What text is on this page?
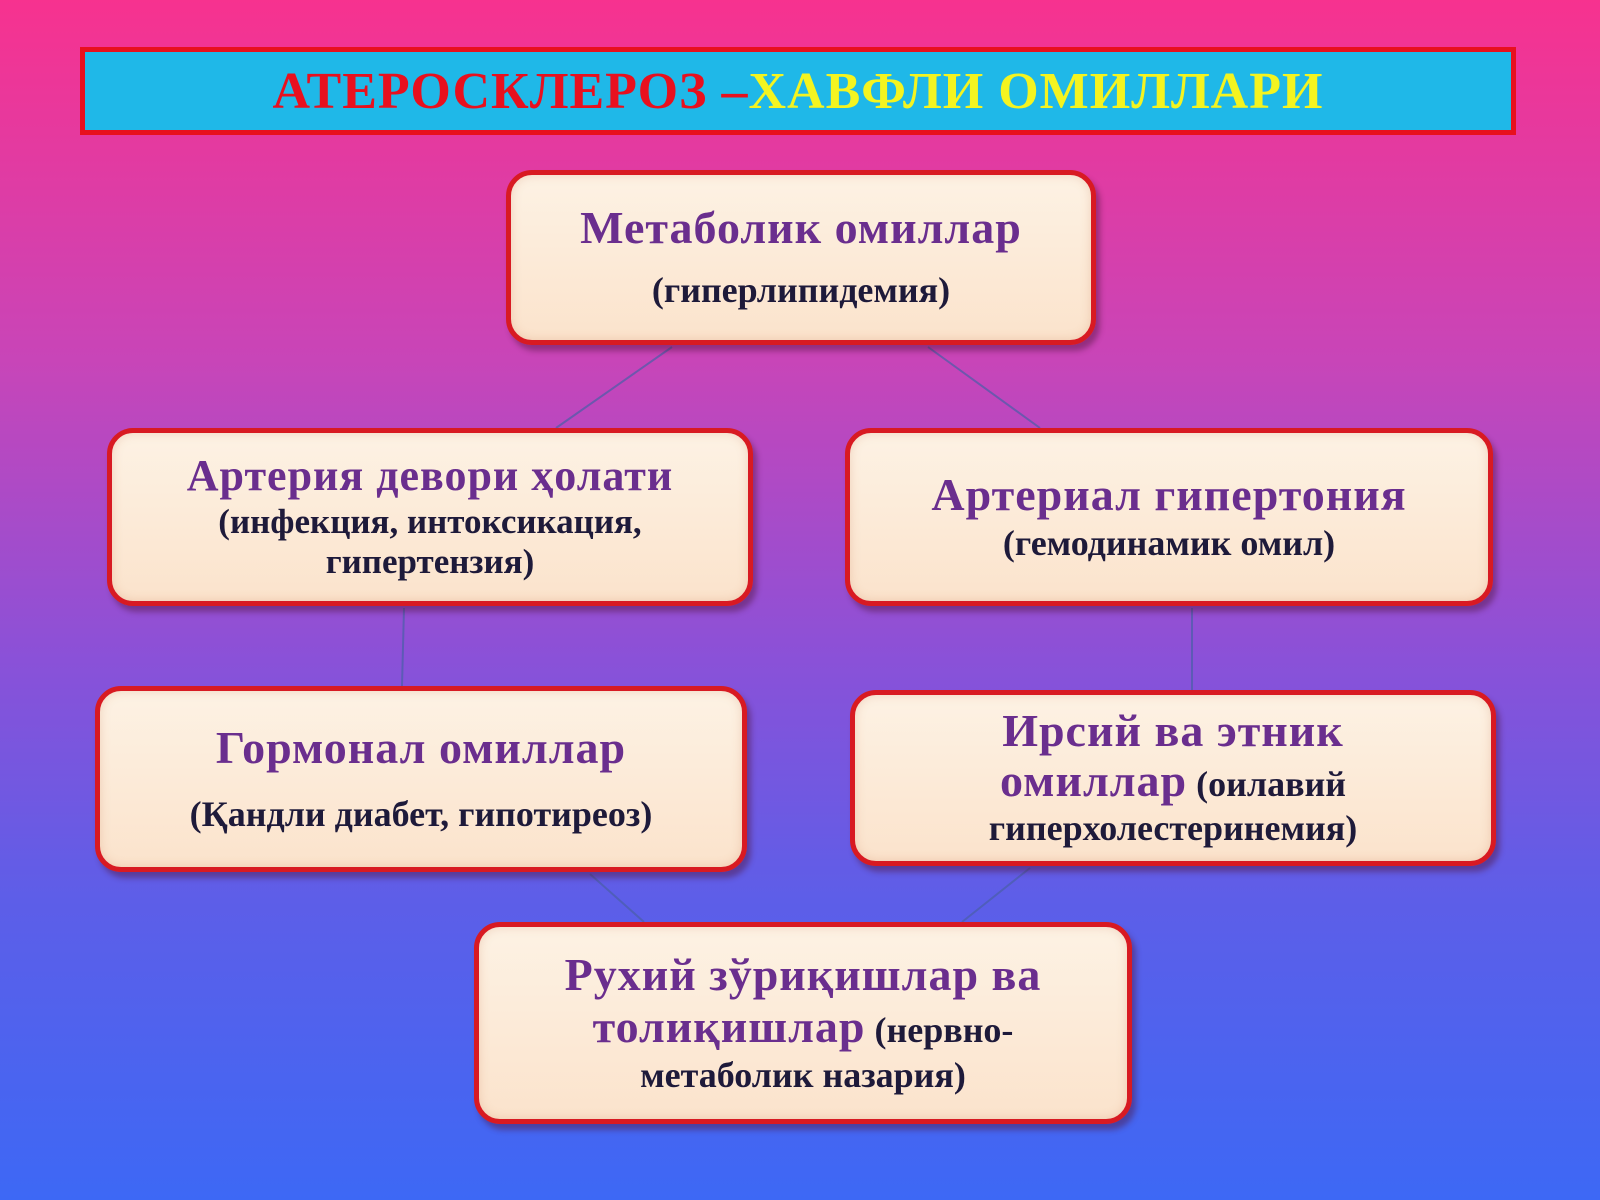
АТЕРОСКЛЕРОЗ – ХАВФЛИ ОМИЛЛАРИ
Метаболик омиллар
(гиперлипидемия)
Артерия девори ҳолати
(инфекция, интоксикация,
гипертензия)
Артериал гипертония
(гемодинамик омил)
Гормонал омиллар
(Қандли диабет, гипотиреоз)
Ирсий ва этник
омиллар (оилавий
гиперхолестеринемия)
Рухий зўриқишлар ва
толиқишлар (нервно-
метаболик назария)
